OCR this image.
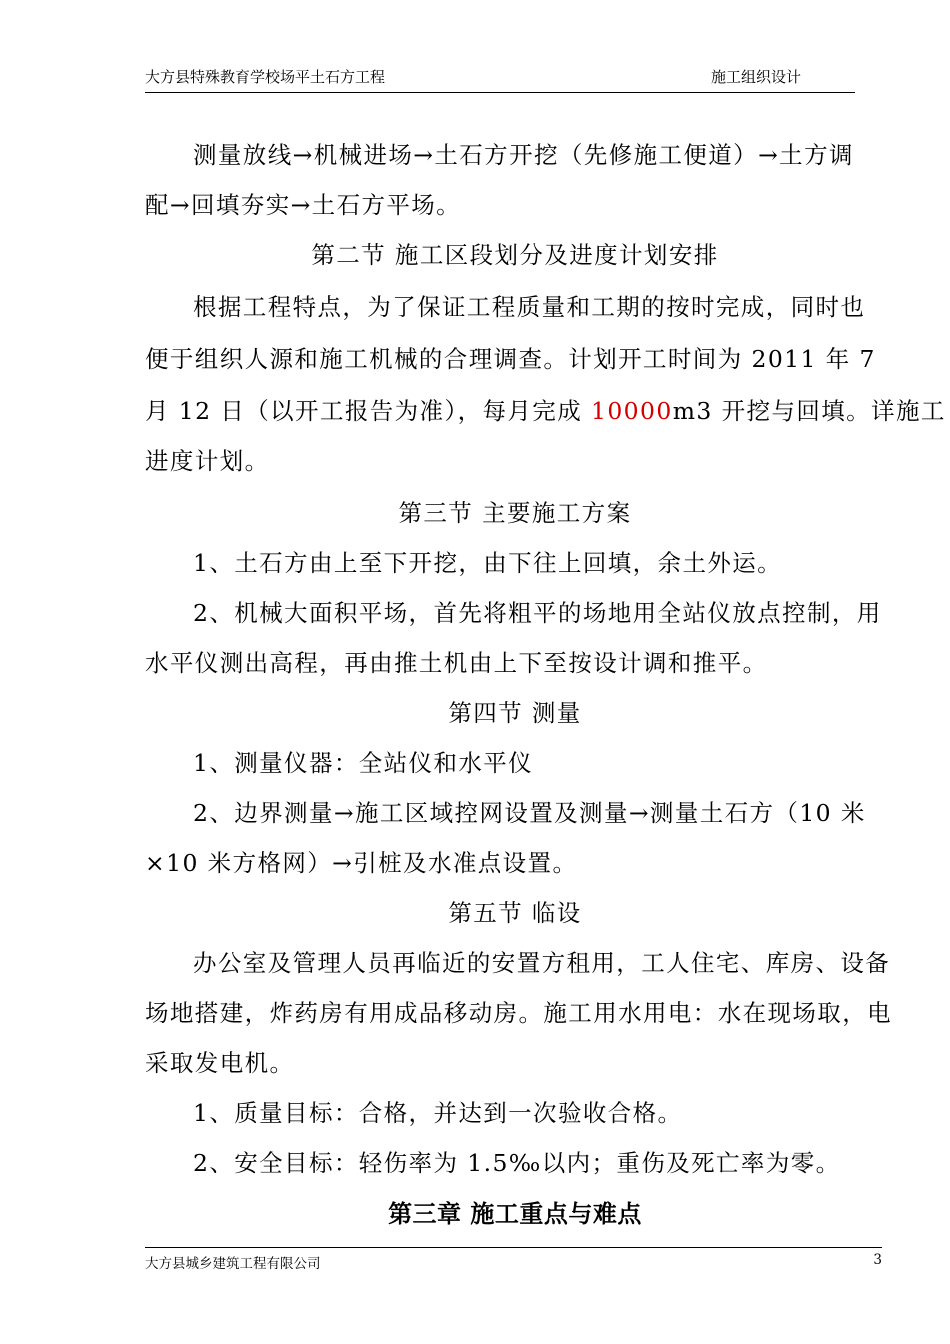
大方县特殊教育学校场平土石方工程	施工组织设计
测量放线→机械进场→土石方开挖（先修施工便道）→土方调
配→回填夯实→土石方平场。
第二节 施工区段划分及进度计划安排
根据工程特点，为了保证工程质量和工期的按时完成，同时也
便于组织人源和施工机械的合理调查。计划开工时间为 2011 年 7
月 12 日（以开工报告为准），每月完成 10000m3 开挖与回填。详施工
进度计划。
第三节 主要施工方案
1、土石方由上至下开挖，由下往上回填，余土外运。
2、机械大面积平场，首先将粗平的场地用全站仪放点控制，用
水平仪测出高程，再由推土机由上下至按设计调和推平。
第四节 测量
1、测量仪器：全站仪和水平仪
2、边界测量→施工区域控网设置及测量→测量土石方（10 米
×10 米方格网）→引桩及水准点设置。
第五节 临设
办公室及管理人员再临近的安置方租用，工人住宅、库房、设备
场地搭建，炸药房有用成品移动房。施工用水用电：水在现场取，电
采取发电机。
1、质量目标：合格，并达到一次验收合格。
2、安全目标：轻伤率为 1.5‰以内；重伤及死亡率为零。
第三章 施工重点与难点
大方县城乡建筑工程有限公司	3
